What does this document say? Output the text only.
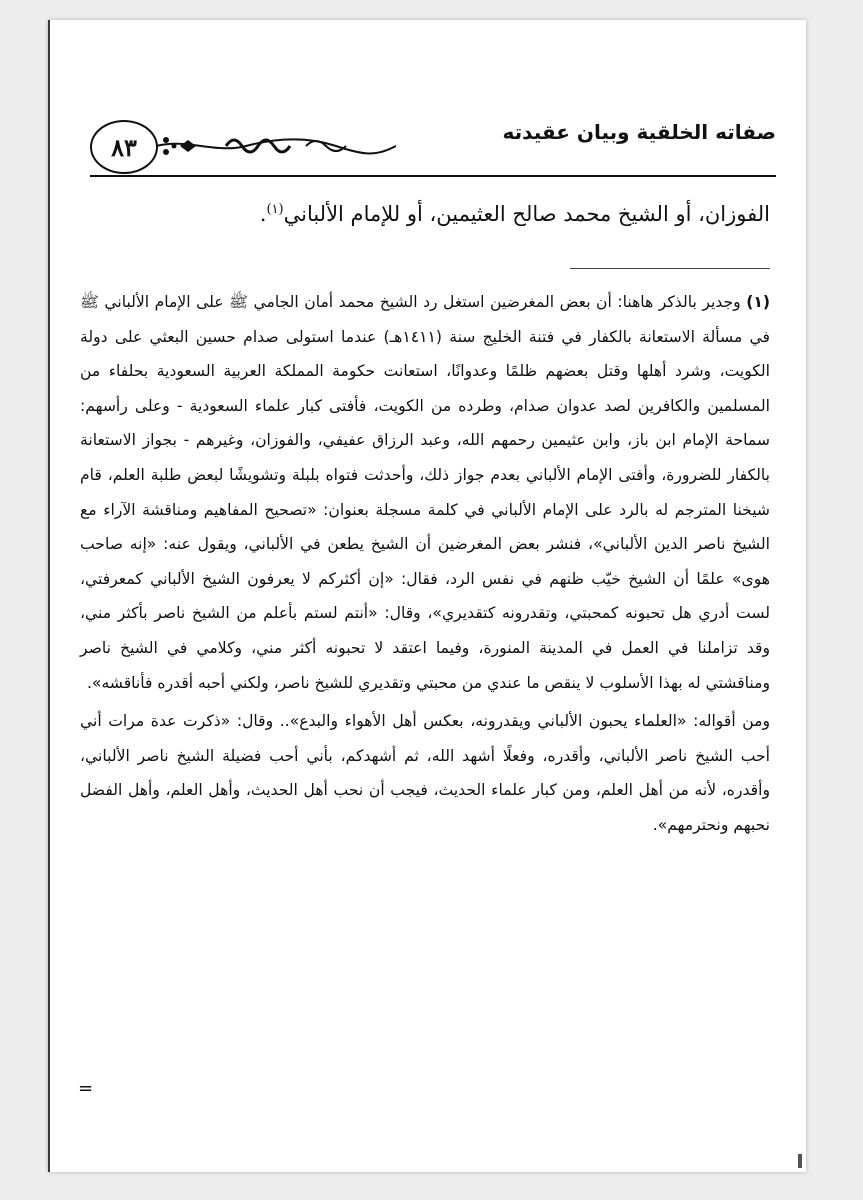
صفاته الخلقية وبيان عقيدته
٨٣
الفوزان، أو الشيخ محمد صالح العثيمين، أو للإمام الألباني$^{(١)}$.

(١) وجدير بالذكر هاهنا: أن بعض المغرضين استغل رد الشيخ محمد أمان الجامي ﷺ على الإمام الألباني ﷺ في مسألة الاستعانة بالكفار في فتنة الخليج سنة (١٤١١هـ) عندما استولى صدام حسين البعثي على دولة الكويت، وشرد أهلها وقتل بعضهم ظلمًا وعدوانًا، استعانت حكومة المملكة العربية السعودية بحلفاء من المسلمين والكافرين لصد عدوان صدام، وطرده من الكويت، فأفتى كبار علماء السعودية - وعلى رأسهم: سماحة الإمام ابن باز، وابن عثيمين رحمهم الله، وعبد الرزاق عفيفي، والفوزان، وغيرهم - بجواز الاستعانة بالكفار للضرورة، وأفتى الإمام الألباني بعدم جواز ذلك، وأحدثت فتواه بلبلة وتشويشًا لبعض طلبة العلم، قام شيخنا المترجم له بالرد على الإمام الألباني في كلمة مسجلة بعنوان: «تصحيح المفاهيم ومناقشة الآراء مع الشيخ ناصر الدين الألباني»، فنشر بعض المغرضين أن الشيخ يطعن في الألباني، ويقول عنه: «إنه صاحب هوى» علمًا أن الشيخ خيّب ظنهم في نفس الرد، فقال: «إن أكثركم لا يعرفون الشيخ الألباني كمعرفتي، لست أدري هل تحبونه كمحبتي، وتقدرونه كتقديري»، وقال: «أنتم لستم بأعلم من الشيخ ناصر بأكثر مني، وقد تزاملنا في العمل في المدينة المنورة، وفيما اعتقد لا تحبونه أكثر مني، وكلامي في الشيخ ناصر ومناقشتي له بهذا الأسلوب لا ينقص ما عندي من محبتي وتقديري للشيخ ناصر، ولكني أحبه أقدره فأناقشه».

ومن أقواله: «العلماء يحبون الألباني ويقدرونه، بعكس أهل الأهواء والبدع».. وقال: «ذكرت عدة مرات أني أحب الشيخ ناصر الألباني، وأقدره، وفعلًا أشهد الله، ثم أشهدكم، بأني أحب فضيلة الشيخ ناصر الألباني، وأقدره، لأنه من أهل العلم، ومن كبار علماء الحديث، فيجب أن نحب أهل الحديث، وأهل العلم، وأهل الفضل نحبهم ونحترمهم».

=
